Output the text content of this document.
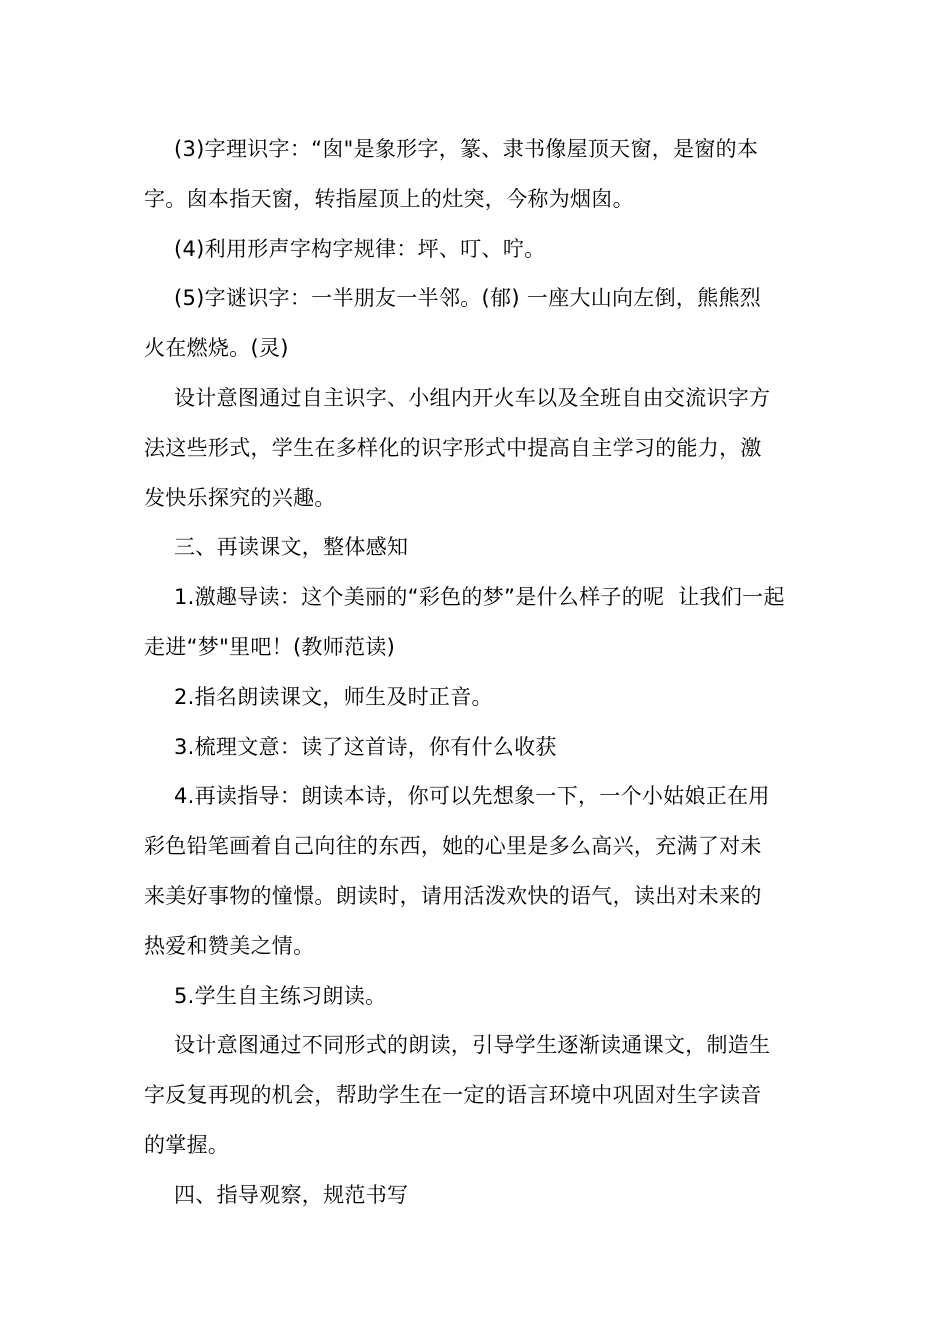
(3)字理识字：“囱"是象形字，篆、隶书像屋顶天窗，是窗的本
字。囱本指天窗，转指屋顶上的灶突，今称为烟囱。
(4)利用形声字构字规律：坪、叮、咛。
(5)字谜识字：一半朋友一半邻。(郁) 一座大山向左倒，熊熊烈
火在燃烧。(灵)
设计意图通过自主识字、小组内开火车以及全班自由交流识字方
法这些形式，学生在多样化的识字形式中提高自主学习的能力，激
发快乐探究的兴趣。
三、再读课文，整体感知
1.激趣导读：这个美丽的“彩色的梦”是什么样子的呢  让我们一起
走进“梦"里吧！(教师范读)
2.指名朗读课文，师生及时正音。
3.梳理文意：读了这首诗，你有什么收获
4.再读指导：朗读本诗，你可以先想象一下，一个小姑娘正在用
彩色铅笔画着自己向往的东西，她的心里是多么高兴，充满了对未
来美好事物的憧憬。朗读时，请用活泼欢快的语气，读出对未来的
热爱和赞美之情。
5.学生自主练习朗读。
设计意图通过不同形式的朗读，引导学生逐渐读通课文，制造生
字反复再现的机会，帮助学生在一定的语言环境中巩固对生字读音
的掌握。
四、指导观察，规范书写
